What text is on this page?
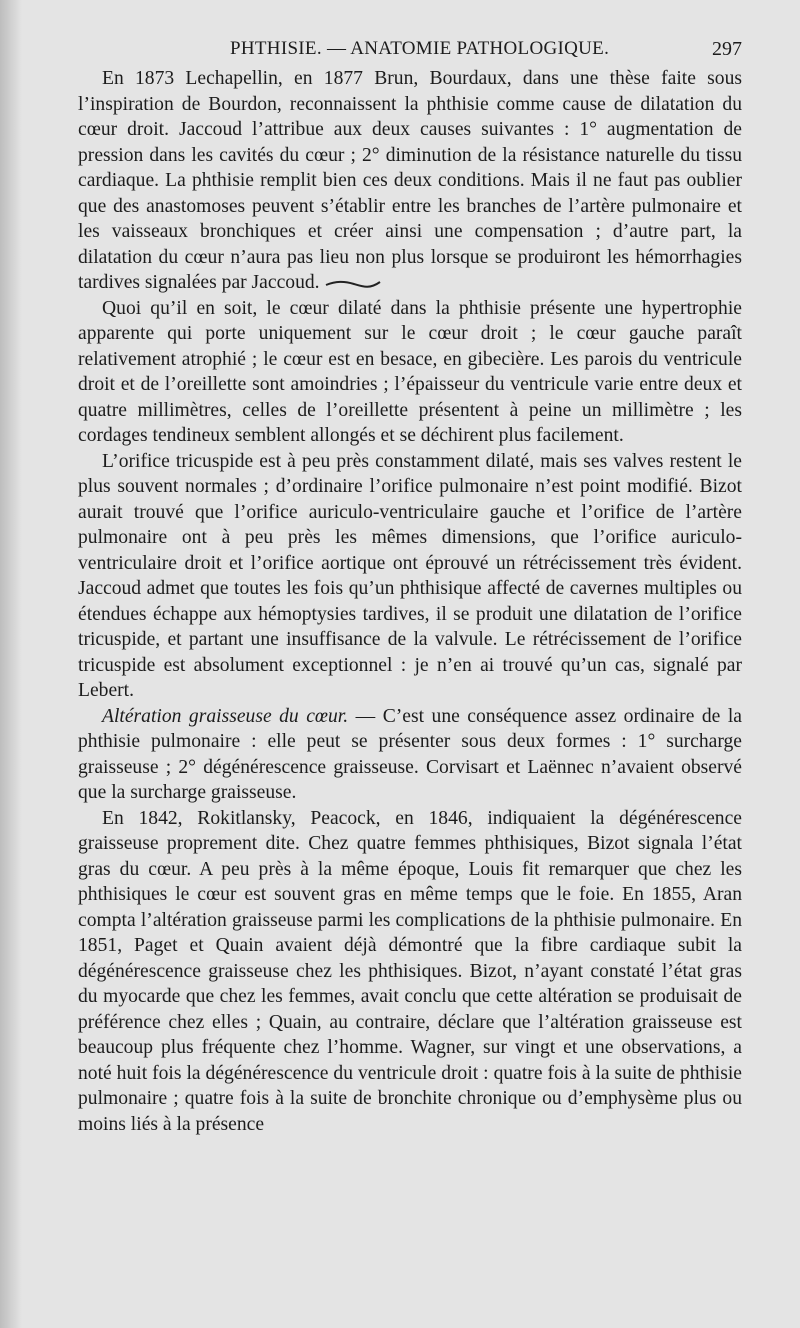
PHTHISIE. — ANATOMIE PATHOLOGIQUE.	297

En 1873 Lechapellin, en 1877 Brun, Bourdaux, dans une thèse faite sous l’inspiration de Bourdon, reconnaissent la phthisie comme cause de dilatation du cœur droit. Jaccoud l’attribue aux deux causes suivantes : 1° augmentation de pression dans les cavités du cœur ; 2° diminution de la résistance naturelle du tissu cardiaque. La phthisie remplit bien ces deux conditions. Mais il ne faut pas oublier que des anastomoses peuvent s’établir entre les branches de l’artère pulmonaire et les vaisseaux bronchiques et créer ainsi une compensation ; d’autre part, la dilatation du cœur n’aura pas lieu non plus lorsque se produiront les hémorrhagies tardives signalées par Jaccoud.

Quoi qu’il en soit, le cœur dilaté dans la phthisie présente une hypertrophie apparente qui porte uniquement sur le cœur droit ; le cœur gauche paraît relativement atrophié ; le cœur est en besace, en gibecière. Les parois du ventricule droit et de l’oreillette sont amoindries ; l’épaisseur du ventricule varie entre deux et quatre millimètres, celles de l’oreillette présentent à peine un millimètre ; les cordages tendineux semblent allongés et se déchirent plus facilement.

L’orifice tricuspide est à peu près constamment dilaté, mais ses valves restent le plus souvent normales ; d’ordinaire l’orifice pulmonaire n’est point modifié. Bizot aurait trouvé que l’orifice auriculo-ventriculaire gauche et l’orifice de l’artère pulmonaire ont à peu près les mêmes dimensions, que l’orifice auriculo-ventriculaire droit et l’orifice aortique ont éprouvé un rétrécissement très évident. Jaccoud admet que toutes les fois qu’un phthisique affecté de cavernes multiples ou étendues échappe aux hémoptysies tardives, il se produit une dilatation de l’orifice tricuspide, et partant une insuffisance de la valvule. Le rétrécissement de l’orifice tricuspide est absolument exceptionnel : je n’en ai trouvé qu’un cas, signalé par Lebert.

Altération graisseuse du cœur. — C’est une conséquence assez ordinaire de la phthisie pulmonaire : elle peut se présenter sous deux formes : 1° surcharge graisseuse ; 2° dégénérescence graisseuse. Corvisart et Laënnec n’avaient observé que la surcharge graisseuse.

En 1842, Rokitlansky, Peacock, en 1846, indiquaient la dégénérescence graisseuse proprement dite. Chez quatre femmes phthisiques, Bizot signala l’état gras du cœur. A peu près à la même époque, Louis fit remarquer que chez les phthisiques le cœur est souvent gras en même temps que le foie. En 1855, Aran compta l’altération graisseuse parmi les complications de la phthisie pulmonaire. En 1851, Paget et Quain avaient déjà démontré que la fibre cardiaque subit la dégénérescence graisseuse chez les phthisiques. Bizot, n’ayant constaté l’état gras du myocarde que chez les femmes, avait conclu que cette altération se produisait de préférence chez elles ; Quain, au contraire, déclare que l’altération graisseuse est beaucoup plus fréquente chez l’homme. Wagner, sur vingt et une observations, a noté huit fois la dégénérescence du ventricule droit : quatre fois à la suite de phthisie pulmonaire ; quatre fois à la suite de bronchite chronique ou d’emphysème plus ou moins liés à la présence
